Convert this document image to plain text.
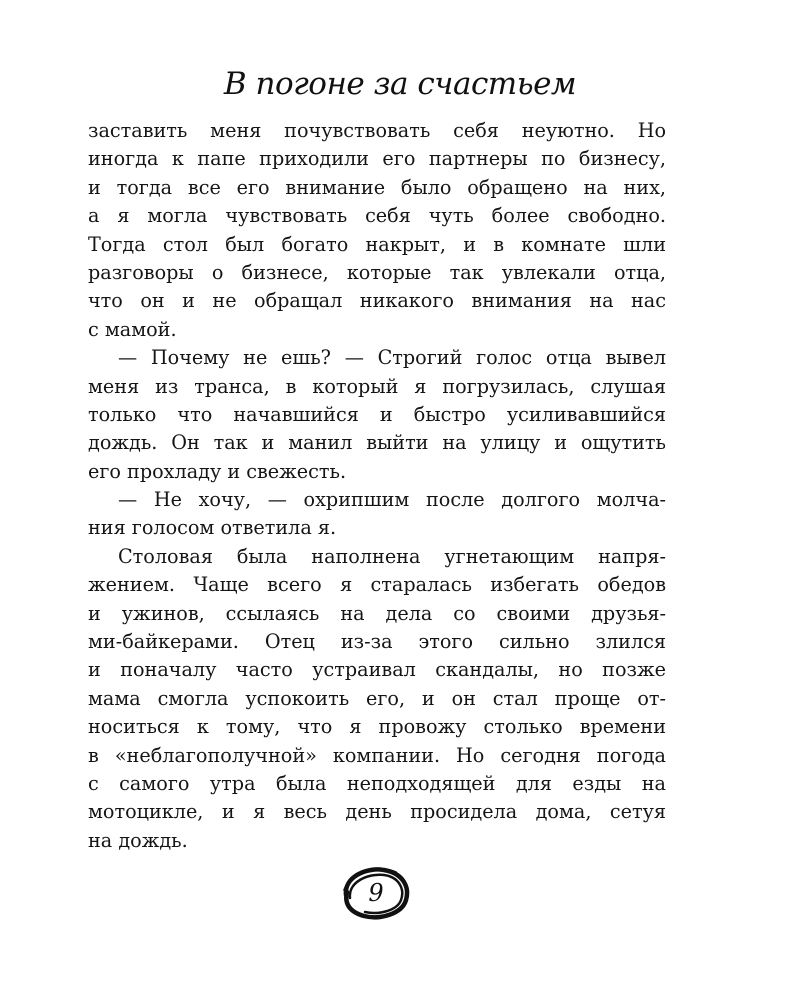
В погоне за счастьем
заставить меня почувствовать себя неуютно. Но
иногда к папе приходили его партнеры по бизнесу,
и тогда все его внимание было обращено на них,
а я могла чувствовать себя чуть более свободно.
Тогда стол был богато накрыт, и в комнате шли
разговоры о бизнесе, которые так увлекали отца,
что он и не обращал никакого внимания на нас
с мамой.
— Почему не ешь? — Строгий голос отца вывел
меня из транса, в который я погрузилась, слушая
только что начавшийся и быстро усиливавшийся
дождь. Он так и манил выйти на улицу и ощутить
его прохладу и свежесть.
— Не хочу, — охрипшим после долгого молча-
ния голосом ответила я.
Столовая была наполнена угнетающим напря-
жением. Чаще всего я старалась избегать обедов
и ужинов, ссылаясь на дела со своими друзья-
ми-байкерами. Отец из-за этого сильно злился
и поначалу часто устраивал скандалы, но позже
мама смогла успокоить его, и он стал проще от-
носиться к тому, что я провожу столько времени
в «неблагополучной» компании. Но сегодня погода
с самого утра была неподходящей для езды на
мотоцикле, и я весь день просидела дома, сетуя
на дождь.
9
